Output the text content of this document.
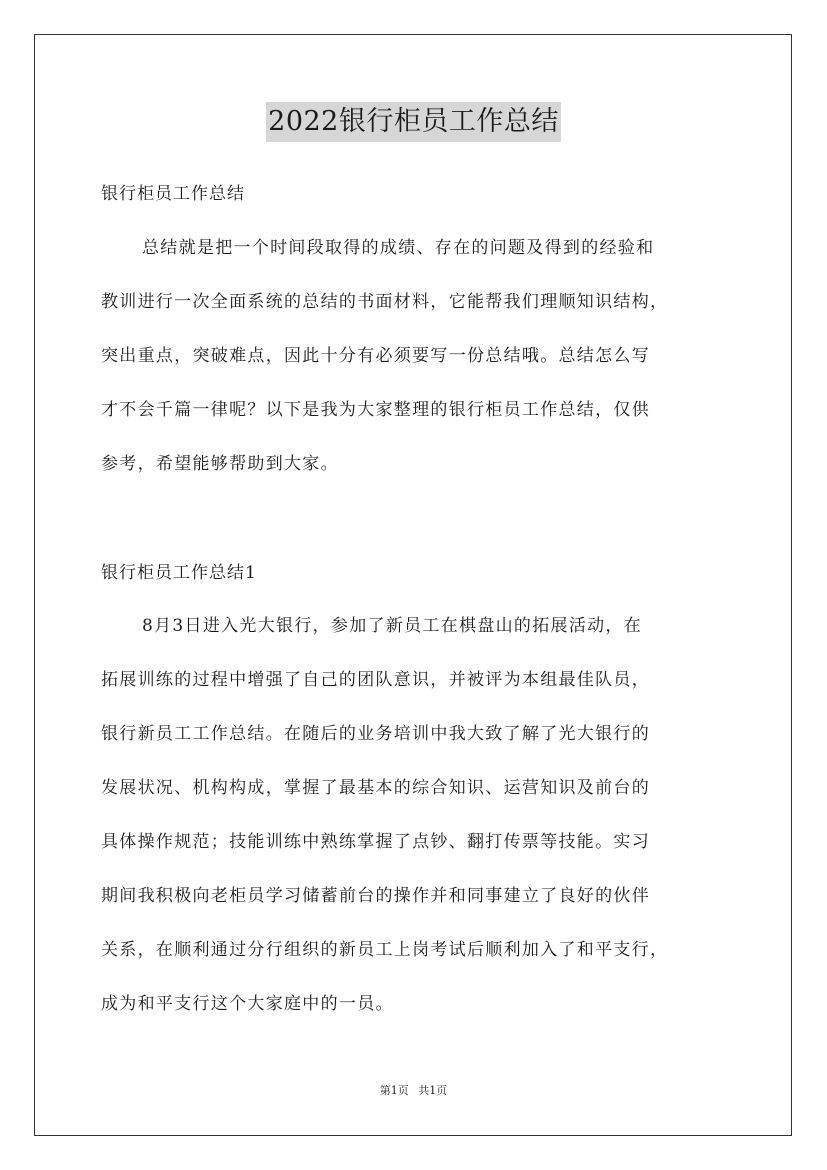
2022银行柜员工作总结
银行柜员工作总结
总结就是把一个时间段取得的成绩、存在的问题及得到的经验和
教训进行一次全面系统的总结的书面材料，它能帮我们理顺知识结构，
突出重点，突破难点，因此十分有必须要写一份总结哦。总结怎么写
才不会千篇一律呢？以下是我为大家整理的银行柜员工作总结，仅供
参考，希望能够帮助到大家。
银行柜员工作总结1
8月3日进入光大银行，参加了新员工在棋盘山的拓展活动，在
拓展训练的过程中增强了自己的团队意识，并被评为本组最佳队员，
银行新员工工作总结。在随后的业务培训中我大致了解了光大银行的
发展状况、机构构成，掌握了最基本的综合知识、运营知识及前台的
具体操作规范；技能训练中熟练掌握了点钞、翻打传票等技能。实习
期间我积极向老柜员学习储蓄前台的操作并和同事建立了良好的伙伴
关系，在顺利通过分行组织的新员工上岗考试后顺利加入了和平支行，
成为和平支行这个大家庭中的一员。
第1页 共1页
